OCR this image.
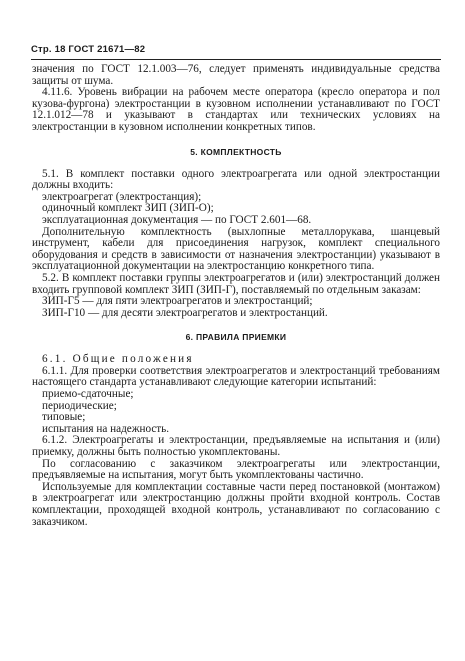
Стр. 18 ГОСТ 21671—82

значения по ГОСТ 12.1.003—76, следует применять индивидуальные средства защиты от шума.

4.11.6. Уровень вибрации на рабочем месте оператора (кресло оператора и пол кузова-фургона) электростанции в кузовном исполнении устанавливают по ГОСТ 12.1.012—78 и указывают в стандартах или технических условиях на электростанции в кузовном исполнении конкретных типов.

5. КОМПЛЕКТНОСТЬ

5.1. В комплект поставки одного электроагрегата или одной электростанции должны входить:

электроагрегат (электростанция);

одиночный комплект ЗИП (ЗИП-О);

эксплуатационная документация — по ГОСТ 2.601—68.

Дополнительную комплектность (выхлопные металлорукава, шанцевый инструмент, кабели для присоединения нагрузок, комплект специального оборудования и средств в зависимости от назначения электростанции) указывают в эксплуатационной документации на электростанцию конкретного типа.

5.2. В комплект поставки группы электроагрегатов и (или) электростанций должен входить групповой комплект ЗИП (ЗИП-Г), поставляемый по отдельным заказам:

ЗИП-Г5 — для пяти электроагрегатов и электростанций;

ЗИП-Г10 — для десяти электроагрегатов и электростанций.

6. ПРАВИЛА ПРИЕМКИ

6.1. Общие положения

6.1.1. Для проверки соответствия электроагрегатов и электростанций требованиям настоящего стандарта устанавливают следующие категории испытаний:

приемо-сдаточные;

периодические;

типовые;

испытания на надежность.

6.1.2. Электроагрегаты и электростанции, предъявляемые на испытания и (или) приемку, должны быть полностью укомплектованы.

По согласованию с заказчиком электроагрегаты или электростанции, предъявляемые на испытания, могут быть укомплектованы частично.

Используемые для комплектации составные части перед постановкой (монтажом) в электроагрегат или электростанцию должны пройти входной контроль. Состав комплектации, проходящей входной контроль, устанавливают по согласованию с заказчиком.
